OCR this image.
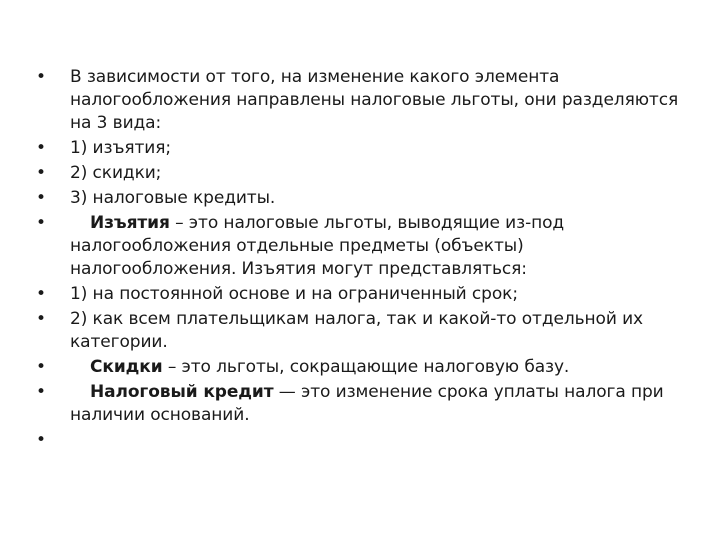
•	В зависимости от того, на изменение какого элемента налогообложения направлены налоговые льготы, они разделяются на 3 вида:
•	1) изъятия;
•	2) скидки;
•	3) налоговые кредиты.
•	Изъятия – это налоговые льготы, выводящие из-под налогообложения отдельные предметы (объекты) налогообложения. Изъятия могут представляться:
•	1) на постоянной основе и на ограниченный срок;
•	2) как всем плательщикам налога, так и какой-то отдельной их категории.
•	Скидки – это льготы, сокращающие налоговую базу.
•	Налоговый кредит — это изменение срока уплаты налога при наличии оснований.
•
